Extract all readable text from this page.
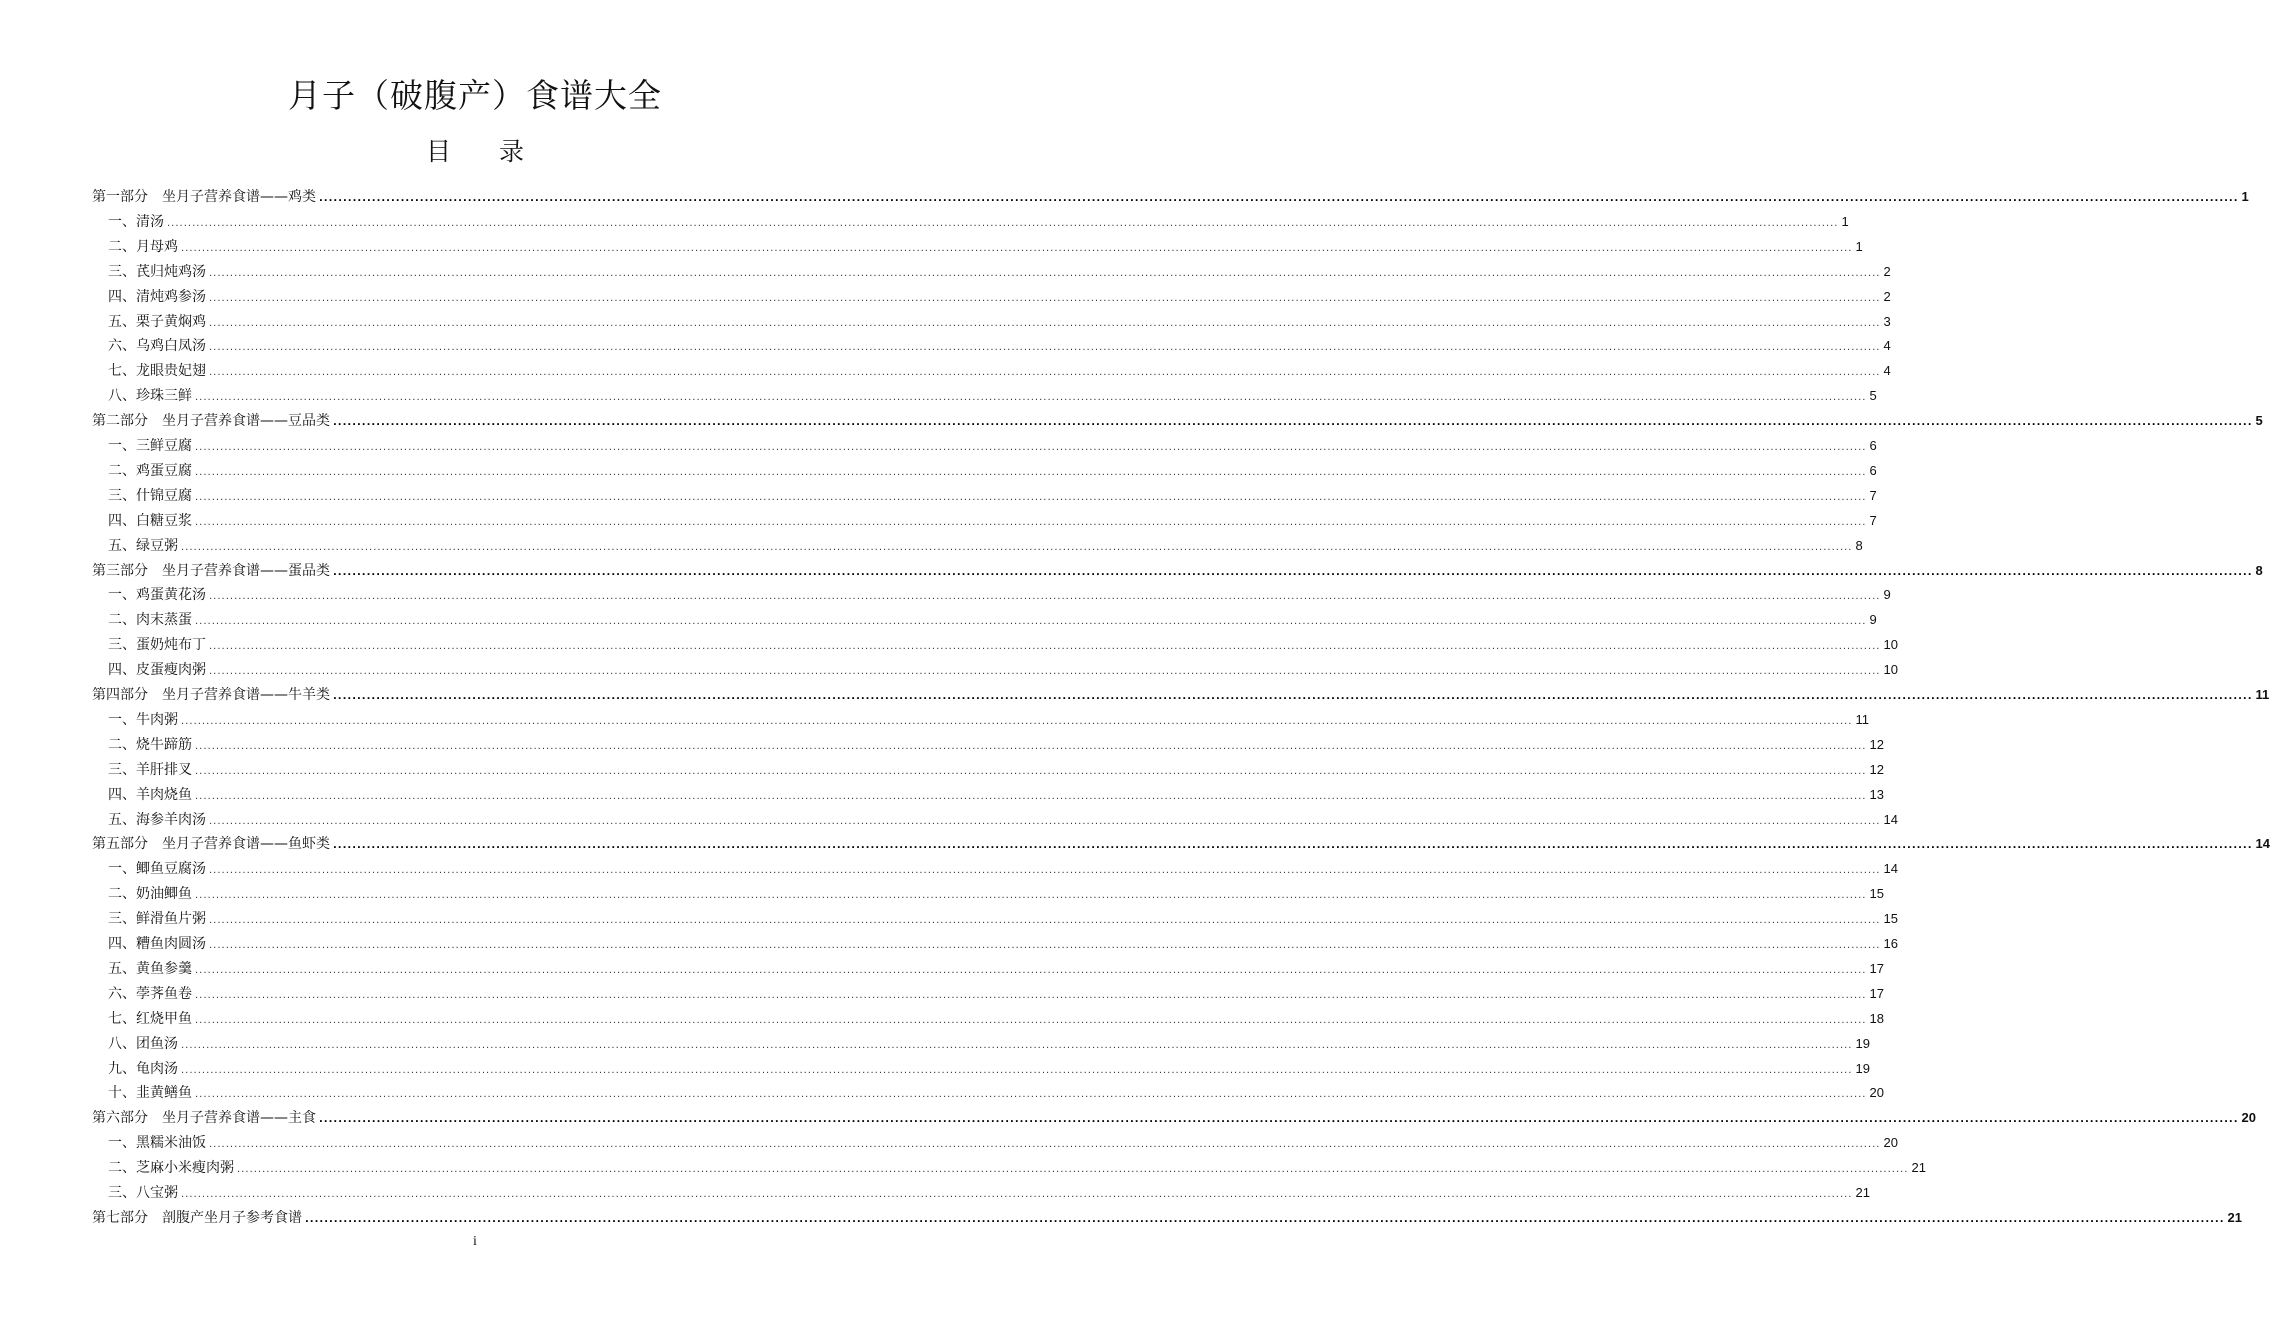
月子（破腹产）食谱大全
目 录
第一部分　坐月子营养食谱——鸡类 ................................................................................................................................................................................................................................................................................................................................................................................................................ 1
一、清汤 ................................................................................................................................................................................................................................................................................................................................................................................................................ 1
二、月母鸡 ................................................................................................................................................................................................................................................................................................................................................................................................................ 1
三、芪归炖鸡汤 ................................................................................................................................................................................................................................................................................................................................................................................................................ 2
四、清炖鸡参汤 ................................................................................................................................................................................................................................................................................................................................................................................................................ 2
五、栗子黄焖鸡 ................................................................................................................................................................................................................................................................................................................................................................................................................ 3
六、乌鸡白凤汤 ................................................................................................................................................................................................................................................................................................................................................................................................................ 4
七、龙眼贵妃翅 ................................................................................................................................................................................................................................................................................................................................................................................................................ 4
八、珍珠三鲜 ................................................................................................................................................................................................................................................................................................................................................................................................................ 5
第二部分　坐月子营养食谱——豆品类 ................................................................................................................................................................................................................................................................................................................................................................................................................ 5
一、三鲜豆腐 ................................................................................................................................................................................................................................................................................................................................................................................................................ 6
二、鸡蛋豆腐 ................................................................................................................................................................................................................................................................................................................................................................................................................ 6
三、什锦豆腐 ................................................................................................................................................................................................................................................................................................................................................................................................................ 7
四、白糖豆浆 ................................................................................................................................................................................................................................................................................................................................................................................................................ 7
五、绿豆粥 ................................................................................................................................................................................................................................................................................................................................................................................................................ 8
第三部分　坐月子营养食谱——蛋品类 ................................................................................................................................................................................................................................................................................................................................................................................................................ 8
一、鸡蛋黄花汤 ................................................................................................................................................................................................................................................................................................................................................................................................................ 9
二、肉末蒸蛋 ................................................................................................................................................................................................................................................................................................................................................................................................................ 9
三、蛋奶炖布丁 ................................................................................................................................................................................................................................................................................................................................................................................................................ 10
四、皮蛋瘦肉粥 ................................................................................................................................................................................................................................................................................................................................................................................................................ 10
第四部分　坐月子营养食谱——牛羊类 ................................................................................................................................................................................................................................................................................................................................................................................................................ 11
一、牛肉粥 ................................................................................................................................................................................................................................................................................................................................................................................................................ 11
二、烧牛蹄筋 ................................................................................................................................................................................................................................................................................................................................................................................................................ 12
三、羊肝排叉 ................................................................................................................................................................................................................................................................................................................................................................................................................ 12
四、羊肉烧鱼 ................................................................................................................................................................................................................................................................................................................................................................................................................ 13
五、海参羊肉汤 ................................................................................................................................................................................................................................................................................................................................................................................................................ 14
第五部分　坐月子营养食谱——鱼虾类 ................................................................................................................................................................................................................................................................................................................................................................................................................ 14
一、鲫鱼豆腐汤 ................................................................................................................................................................................................................................................................................................................................................................................................................ 14
二、奶油鲫鱼 ................................................................................................................................................................................................................................................................................................................................................................................................................ 15
三、鲜滑鱼片粥 ................................................................................................................................................................................................................................................................................................................................................................................................................ 15
四、糟鱼肉圆汤 ................................................................................................................................................................................................................................................................................................................................................................................................................ 16
五、黄鱼参羹 ................................................................................................................................................................................................................................................................................................................................................................................................................ 17
六、荸荠鱼卷 ................................................................................................................................................................................................................................................................................................................................................................................................................ 17
七、红烧甲鱼 ................................................................................................................................................................................................................................................................................................................................................................................................................ 18
八、团鱼汤 ................................................................................................................................................................................................................................................................................................................................................................................................................ 19
九、龟肉汤 ................................................................................................................................................................................................................................................................................................................................................................................................................ 19
十、韭黄鳝鱼 ................................................................................................................................................................................................................................................................................................................................................................................................................ 20
第六部分　坐月子营养食谱——主食 ................................................................................................................................................................................................................................................................................................................................................................................................................ 20
一、黑糯米油饭 ................................................................................................................................................................................................................................................................................................................................................................................................................ 20
二、芝麻小米瘦肉粥 ................................................................................................................................................................................................................................................................................................................................................................................................................ 21
三、八宝粥 ................................................................................................................................................................................................................................................................................................................................................................................................................ 21
第七部分　剖腹产坐月子参考食谱 ................................................................................................................................................................................................................................................................................................................................................................................................................ 21
i
